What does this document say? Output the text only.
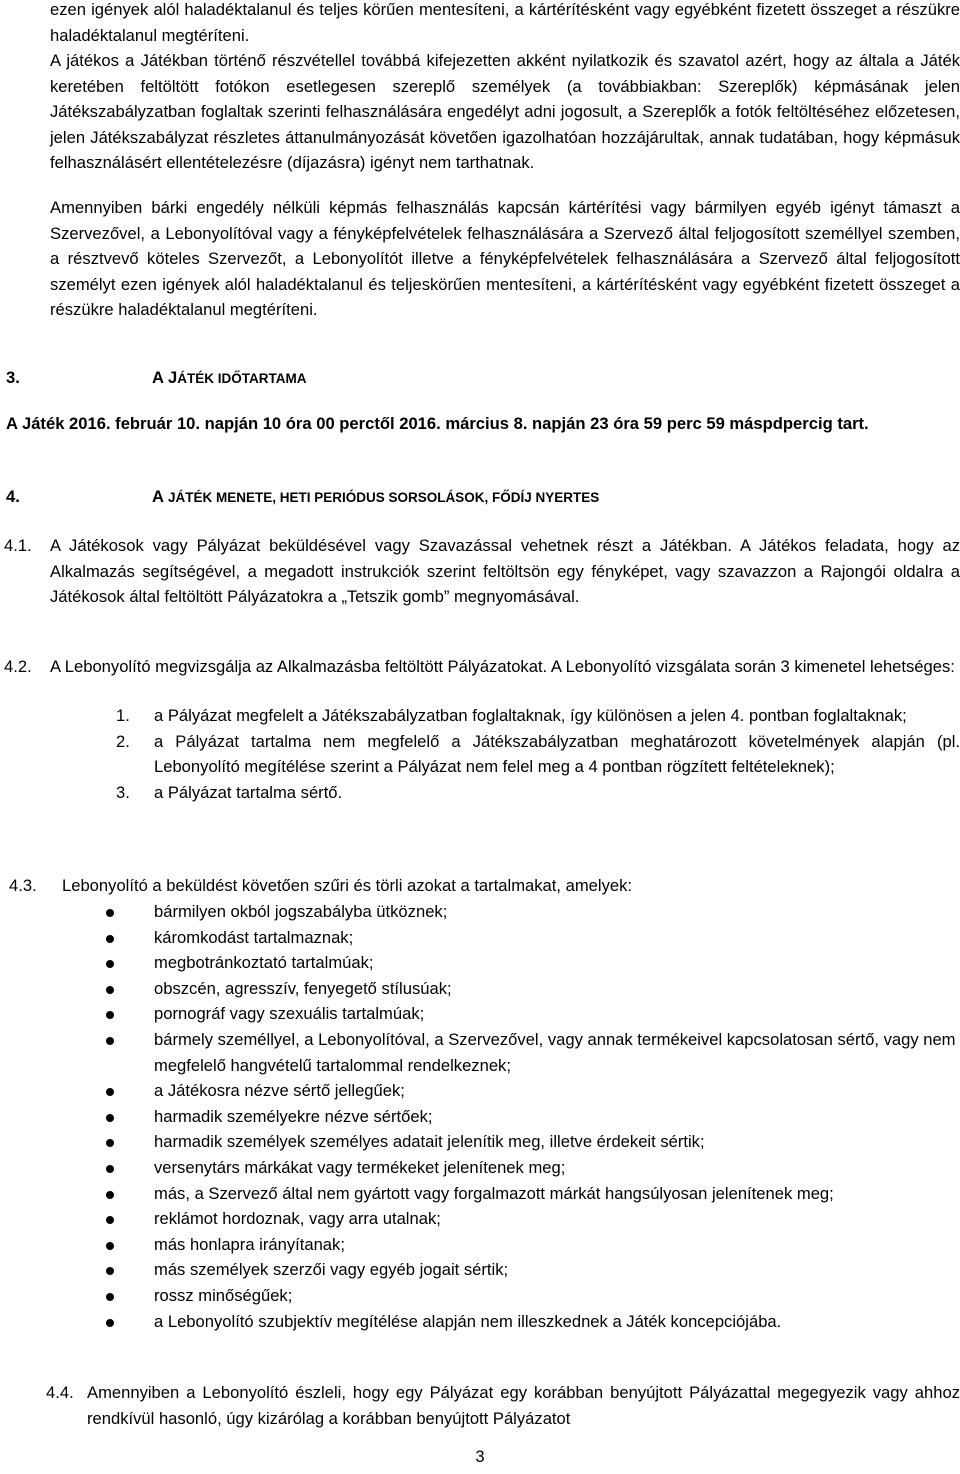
ezen igények alól haladéktalanul és teljes körűen mentesíteni, a kártérítésként vagy egyébként fizetett összeget a részükre haladéktalanul megtéríteni.

A játékos a Játékban történő részvétellel továbbá kifejezetten akként nyilatkozik és szavatol azért, hogy az általa a Játék keretében feltöltött fotókon esetlegesen szereplő személyek (a továbbiakban: Szereplők) képmásának jelen Játékszabályzatban foglaltak szerinti felhasználására engedélyt adni jogosult, a Szereplők a fotók feltöltéséhez előzetesen, jelen Játékszabályzat részletes áttanulmányozását követően igazolhatóan hozzájárultak, annak tudatában, hogy képmásuk felhasználásért ellentételezésre (díjazásra) igényt nem tarthatnak.

Amennyiben bárki engedély nélküli képmás felhasználás kapcsán kártérítési vagy bármilyen egyéb igényt támaszt a Szervezővel, a Lebonyolítóval vagy a fényképfelvételek felhasználására a Szervező által feljogosított személlyel szemben, a résztvevő köteles Szervezőt, a Lebonyolítót illetve a fényképfelvételek felhasználására a Szervező által feljogosított személyt ezen igények alól haladéktalanul és teljeskörűen mentesíteni, a kártérítésként vagy egyébként fizetett összeget a részükre haladéktalanul megtéríteni.

3.	A JÁTÉK IDŐTARTAMA

A Játék 2016. február 10. napján 10 óra 00 perctől 2016. március 8. napján 23 óra 59 perc 59 máspdpercig tart.

4.	A JÁTÉK MENETE, HETI PERIÓDUS SORSOLÁSOK, FŐDÍJ NYERTES
4.1. A Játékosok vagy Pályázat beküldésével vagy Szavazással vehetnek részt a Játékban. A Játékos feladata, hogy az Alkalmazás segítségével, a megadott instrukciók szerint feltöltsön egy fényképet, vagy szavazzon a Rajongói oldalra a Játékosok által feltöltött Pályázatokra a „Tetszik gomb” megnyomásával.

4.2. A Lebonyolító megvizsgálja az Alkalmazásba feltöltött Pályázatokat. A Lebonyolító vizsgálata során 3 kimenetel lehetséges:

1. a Pályázat megfelelt a Játékszabályzatban foglaltaknak, így különösen a jelen 4. pontban foglaltaknak;
2. a Pályázat tartalma nem megfelelő a Játékszabályzatban meghatározott követelmények alapján (pl. Lebonyolító megítélése szerint a Pályázat nem felel meg a 4 pontban rögzített feltételeknek);
3. a Pályázat tartalma sértő.
4.3. Lebonyolító a beküldést követően szűri és törli azokat a tartalmakat, amelyek:

bármilyen okból jogszabályba ütköznek;
káromkodást tartalmaznak;
megbotránkoztató tartalmúak;
obszcén, agresszív, fenyegető stílusúak;
pornográf vagy szexuális tartalmúak;
bármely személlyel, a Lebonyolítóval, a Szervezővel, vagy annak termékeivel kapcsolatosan sértő, vagy nem megfelelő hangvételű tartalommal rendelkeznek;
a Játékosra nézve sértő jellegűek;
harmadik személyekre nézve sértőek;
harmadik személyek személyes adatait jelenítik meg, illetve érdekeit sértik;
versenytárs márkákat vagy termékeket jelenítenek meg;
más, a Szervező által nem gyártott vagy forgalmazott márkát hangsúlyosan jelenítenek meg;
reklámot hordoznak, vagy arra utalnak;
más honlapra irányítanak;
más személyek szerzői vagy egyéb jogait sértik;
rossz minőségűek;
a Lebonyolító szubjektív megítélése alapján nem illeszkednek a Játék koncepciójába.
4.4. Amennyiben a Lebonyolító észleli, hogy egy Pályázat egy korábban benyújtott Pályázattal megegyezik vagy ahhoz rendkívül hasonló, úgy kizárólag a korábban benyújtott Pályázatot

3
